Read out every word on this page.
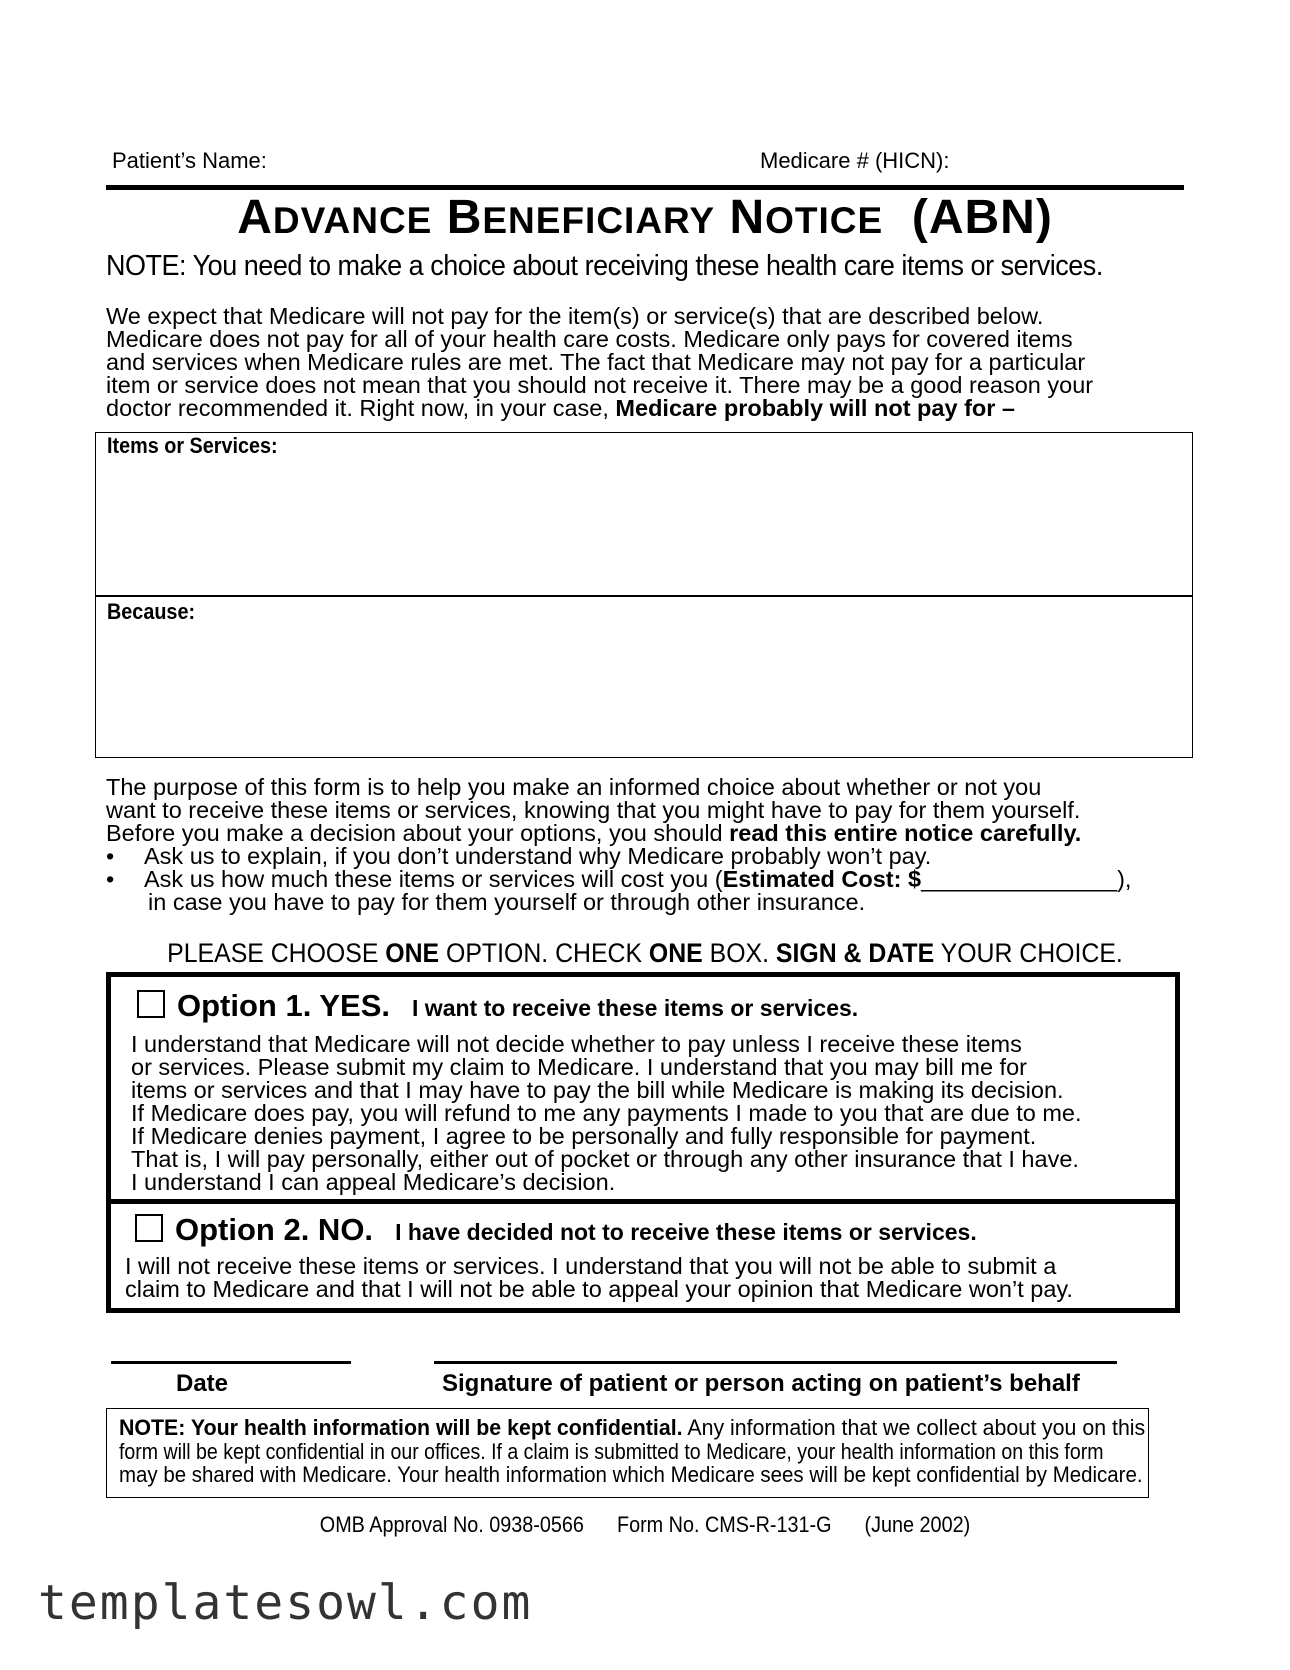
Patient’s Name:	Medicare # (HICN):
ADVANCE BENEFICIARY NOTICE (ABN)
NOTE: You need to make a choice about receiving these health care items or services.
We expect that Medicare will not pay for the item(s) or service(s) that are described below.
Medicare does not pay for all of your health care costs. Medicare only pays for covered items
and services when Medicare rules are met. The fact that Medicare may not pay for a particular
item or service does not mean that you should not receive it. There may be a good reason your
doctor recommended it. Right now, in your case, Medicare probably will not pay for –
Items or Services:
Because:
The purpose of this form is to help you make an informed choice about whether or not you
want to receive these items or services, knowing that you might have to pay for them yourself.
Before you make a decision about your options, you should read this entire notice carefully.
• Ask us to explain, if you don’t understand why Medicare probably won’t pay.
• Ask us how much these items or services will cost you (Estimated Cost: $_______________),
in case you have to pay for them yourself or through other insurance.
PLEASE CHOOSE ONE OPTION. CHECK ONE BOX. SIGN & DATE YOUR CHOICE.
Option 1. YES. I want to receive these items or services.
I understand that Medicare will not decide whether to pay unless I receive these items
or services. Please submit my claim to Medicare. I understand that you may bill me for
items or services and that I may have to pay the bill while Medicare is making its decision.
If Medicare does pay, you will refund to me any payments I made to you that are due to me.
If Medicare denies payment, I agree to be personally and fully responsible for payment.
That is, I will pay personally, either out of pocket or through any other insurance that I have.
I understand I can appeal Medicare’s decision.
Option 2. NO. I have decided not to receive these items or services.
I will not receive these items or services. I understand that you will not be able to submit a
claim to Medicare and that I will not be able to appeal your opinion that Medicare won’t pay.
Date	Signature of patient or person acting on patient’s behalf
NOTE: Your health information will be kept confidential. Any information that we collect about you on this
form will be kept confidential in our offices. If a claim is submitted to Medicare, your health information on this form
may be shared with Medicare. Your health information which Medicare sees will be kept confidential by Medicare.
OMB Approval No. 0938-0566 Form No. CMS-R-131-G (June 2002)
templatesowl.com
